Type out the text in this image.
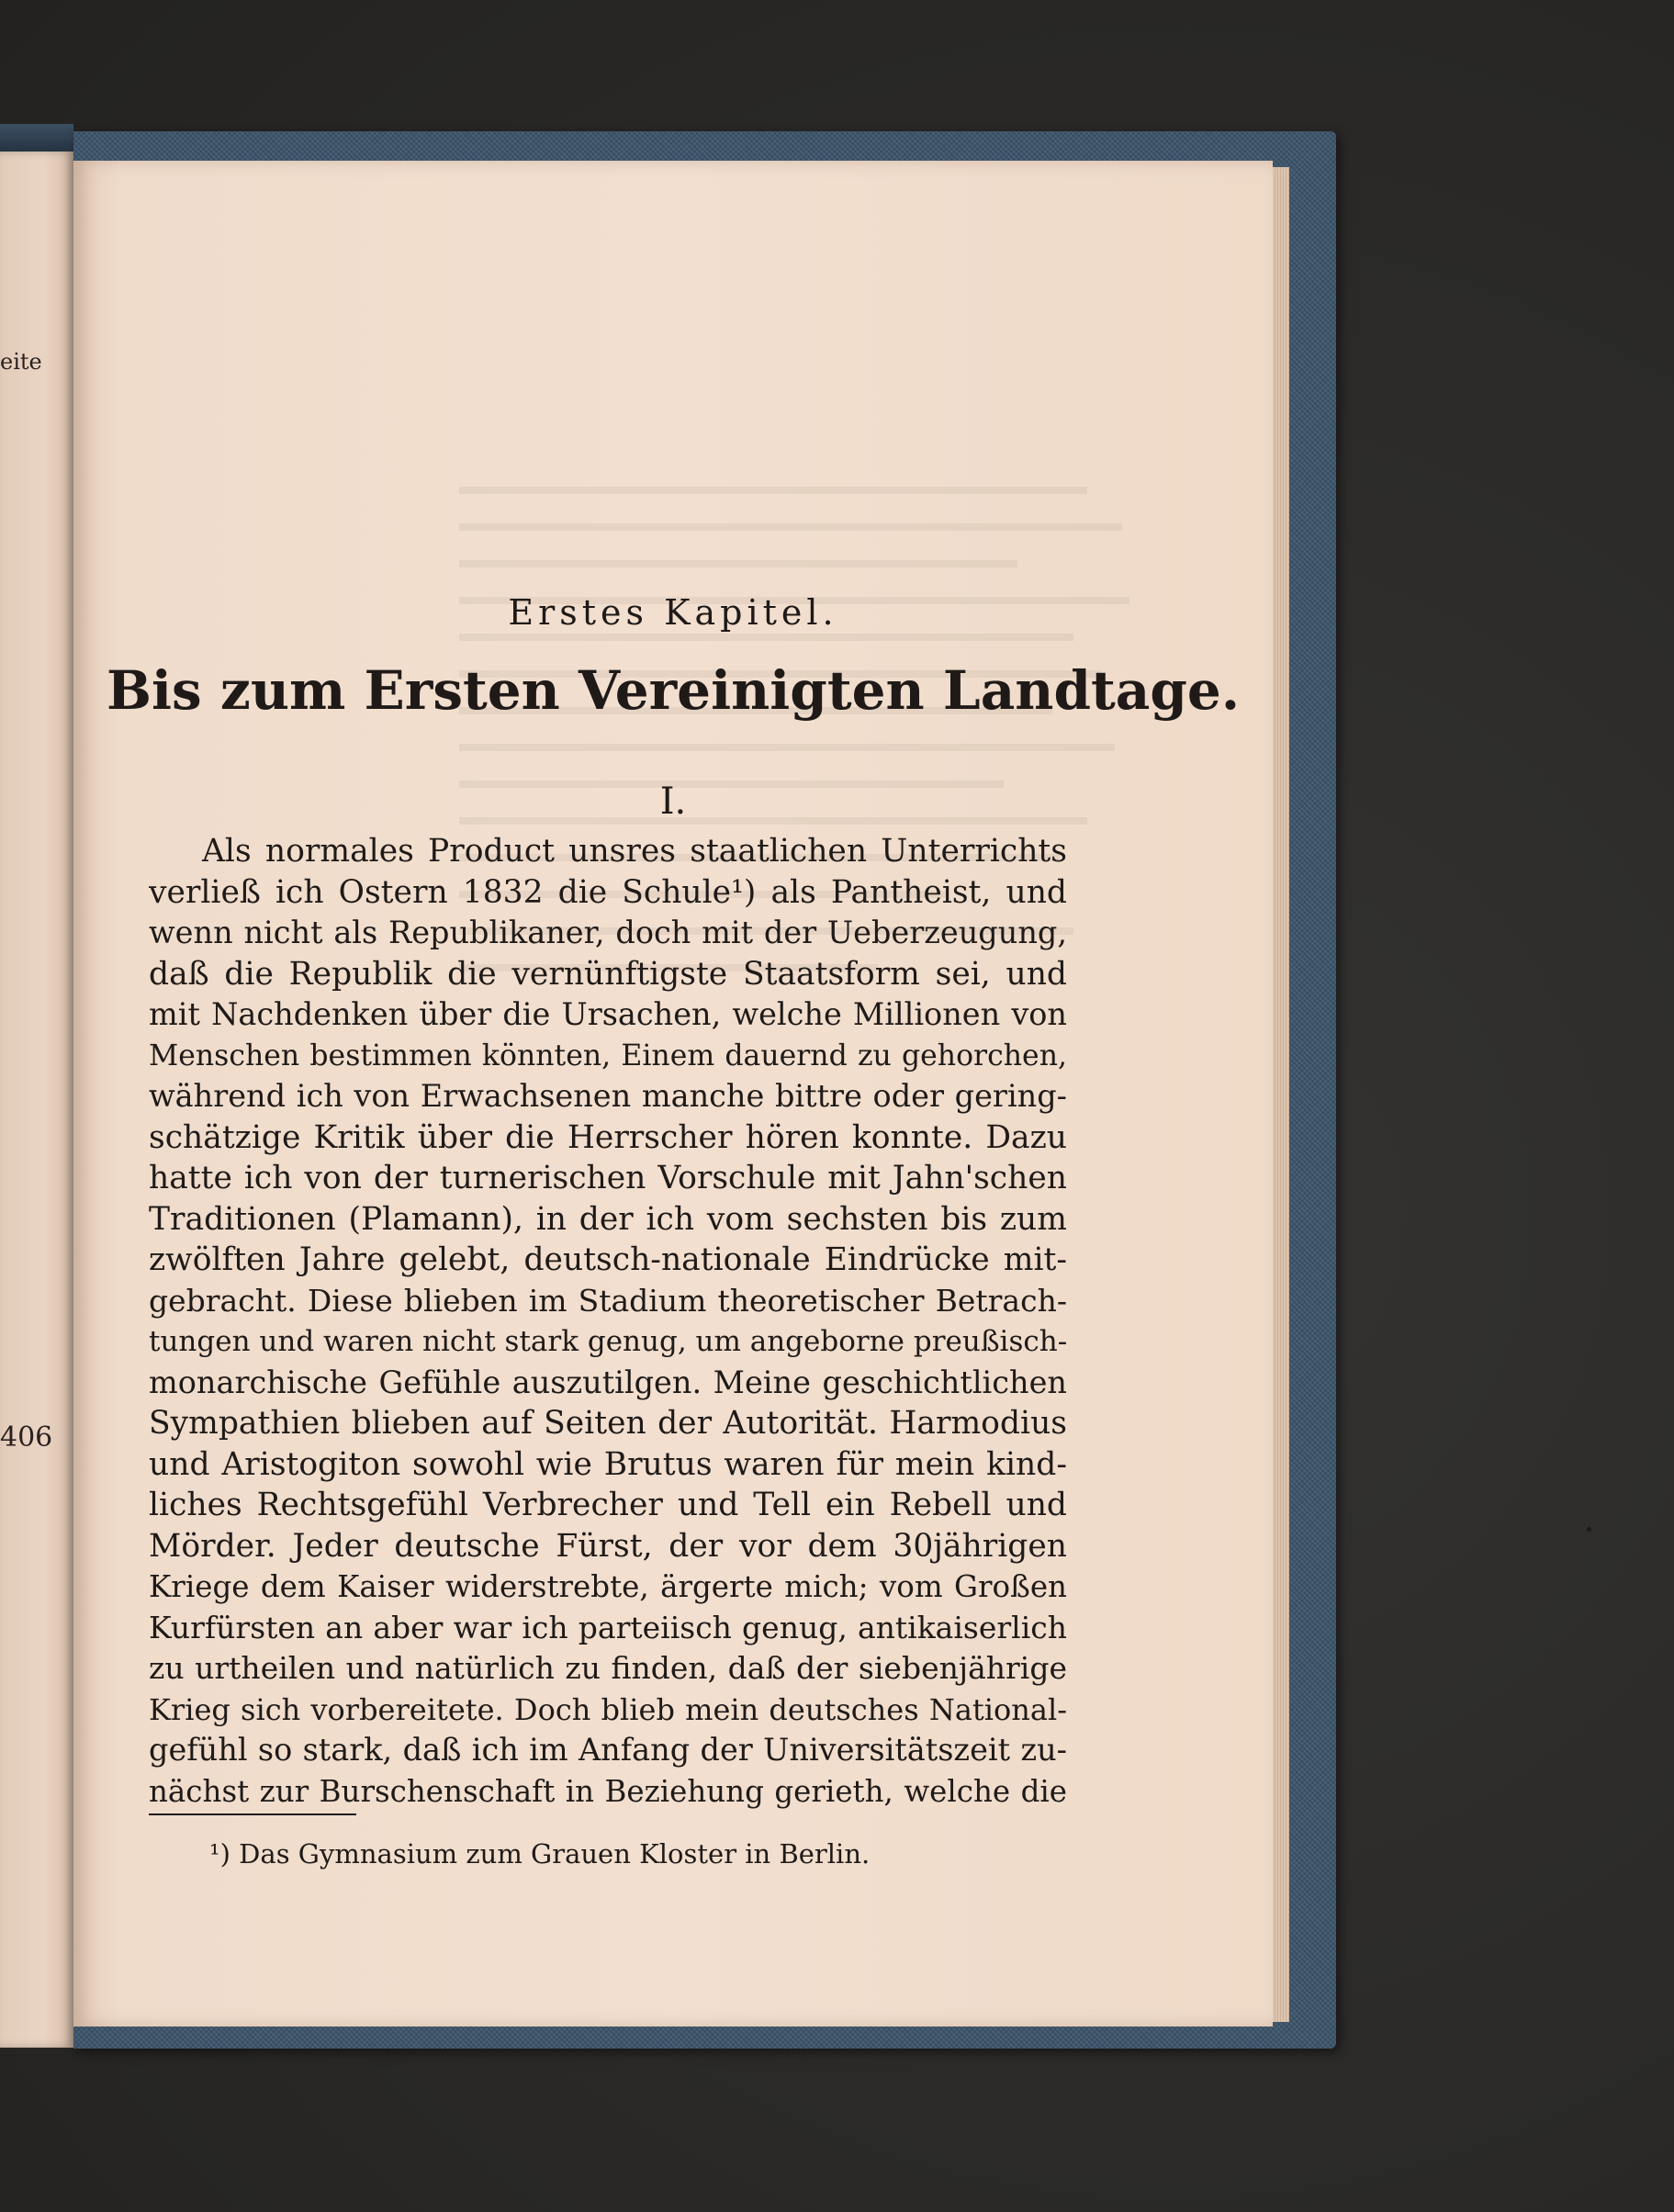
eite
406
Erstes Kapitel.
Bis zum Ersten Vereinigten Landtage.
I.
Als normales Product unsres staatlichen Unterrichts
verließ ich Ostern 1832 die Schule¹) als Pantheist, und
wenn nicht als Republikaner, doch mit der Ueberzeugung,
daß die Republik die vernünftigste Staatsform sei, und
mit Nachdenken über die Ursachen, welche Millionen von
Menschen bestimmen könnten, Einem dauernd zu gehorchen,
während ich von Erwachsenen manche bittre oder gering-
schätzige Kritik über die Herrscher hören konnte. Dazu
hatte ich von der turnerischen Vorschule mit Jahn'schen
Traditionen (Plamann), in der ich vom sechsten bis zum
zwölften Jahre gelebt, deutsch-nationale Eindrücke mit-
gebracht. Diese blieben im Stadium theoretischer Betrach-
tungen und waren nicht stark genug, um angeborne preußisch-
monarchische Gefühle auszutilgen. Meine geschichtlichen
Sympathien blieben auf Seiten der Autorität. Harmodius
und Aristogiton sowohl wie Brutus waren für mein kind-
liches Rechtsgefühl Verbrecher und Tell ein Rebell und
Mörder. Jeder deutsche Fürst, der vor dem 30jährigen
Kriege dem Kaiser widerstrebte, ärgerte mich; vom Großen
Kurfürsten an aber war ich parteiisch genug, antikaiserlich
zu urtheilen und natürlich zu finden, daß der siebenjährige
Krieg sich vorbereitete. Doch blieb mein deutsches National-
gefühl so stark, daß ich im Anfang der Universitätszeit zu-
nächst zur Burschenschaft in Beziehung gerieth, welche die
¹) Das Gymnasium zum Grauen Kloster in Berlin.
